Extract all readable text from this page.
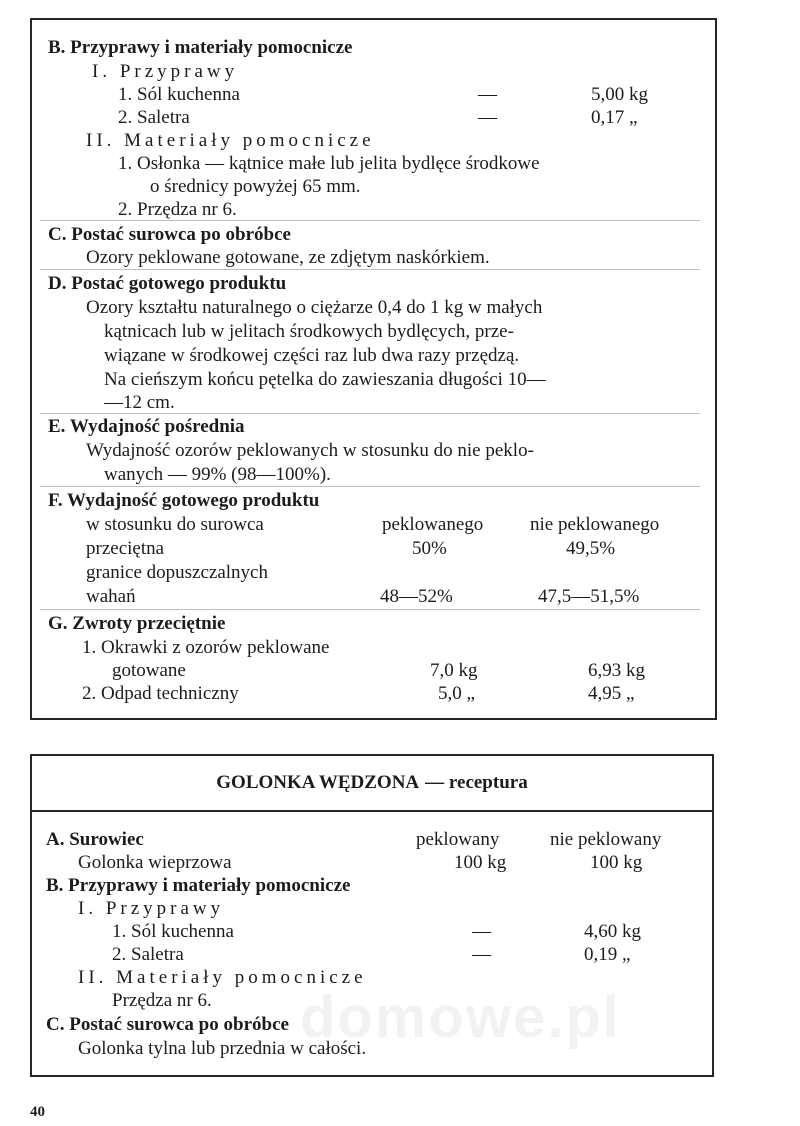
B. Przyprawy i materiały pomocnicze
I. Przyprawy
1. Sól kuchenna	—	5,00 kg
2. Saletra	—	0,17 „
II. Materiały pomocnicze
1. Osłonka — kątnice małe lub jelita bydlęce środkowe
o średnicy powyżej 65 mm.
2. Przędza nr 6.
C. Postać surowca po obróbce
Ozory peklowane gotowane, ze zdjętym naskórkiem.
D. Postać gotowego produktu
Ozory kształtu naturalnego o ciężarze 0,4 do 1 kg w małych
kątnicach lub w jelitach środkowych bydlęcych, prze-
wiązane w środkowej części raz lub dwa razy przędzą.
Na cieńszym końcu pętelka do zawieszania długości 10—
—12 cm.
E. Wydajność pośrednia
Wydajność ozorów peklowanych w stosunku do nie peklo-
wanych — 99% (98—100%).
F. Wydajność gotowego produktu
w stosunku do surowca	peklowanego nie peklowanego
przeciętna	50%	49,5%
granice dopuszczalnych
wahań	48—52%	47,5—51,5%
G. Zwroty przeciętnie
1. Okrawki z ozorów peklowane
gotowane	7,0 kg	6,93 kg
2. Odpad techniczny	5,0 „	4,95 „
GOLONKA WĘDZONA — receptura
A. Surowiec	peklowany	nie peklowany
Golonka wieprzowa	100 kg	100 kg
B. Przyprawy i materiały pomocnicze
I. Przyprawy
1. Sól kuchenna	—	4,60 kg
2. Saletra	—	0,19 „
II. Materiały pomocnicze
Przędza nr 6.
C. Postać surowca po obróbce
Golonka tylna lub przednia w całości.
domowe.pl
40
